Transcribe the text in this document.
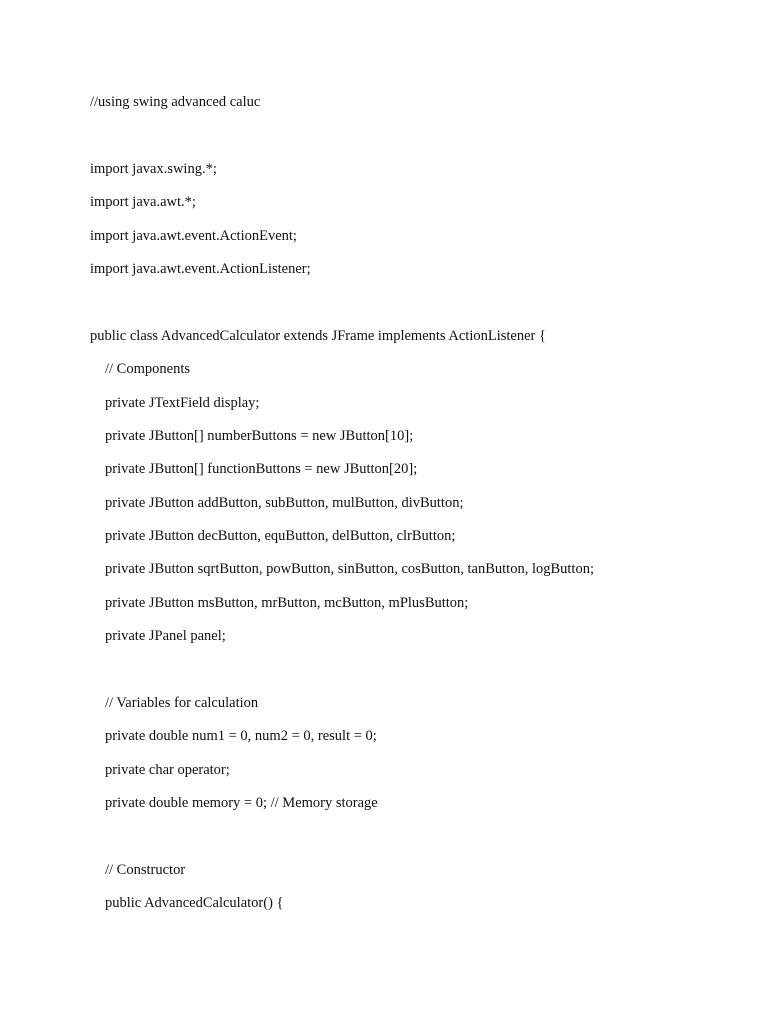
//using swing advanced caluc
import javax.swing.*;
import java.awt.*;
import java.awt.event.ActionEvent;
import java.awt.event.ActionListener;
public class AdvancedCalculator extends JFrame implements ActionListener {
// Components
private JTextField display;
private JButton[] numberButtons = new JButton[10];
private JButton[] functionButtons = new JButton[20];
private JButton addButton, subButton, mulButton, divButton;
private JButton decButton, equButton, delButton, clrButton;
private JButton sqrtButton, powButton, sinButton, cosButton, tanButton, logButton;
private JButton msButton, mrButton, mcButton, mPlusButton;
private JPanel panel;
// Variables for calculation
private double num1 = 0, num2 = 0, result = 0;
private char operator;
private double memory = 0; // Memory storage
// Constructor
public AdvancedCalculator() {
